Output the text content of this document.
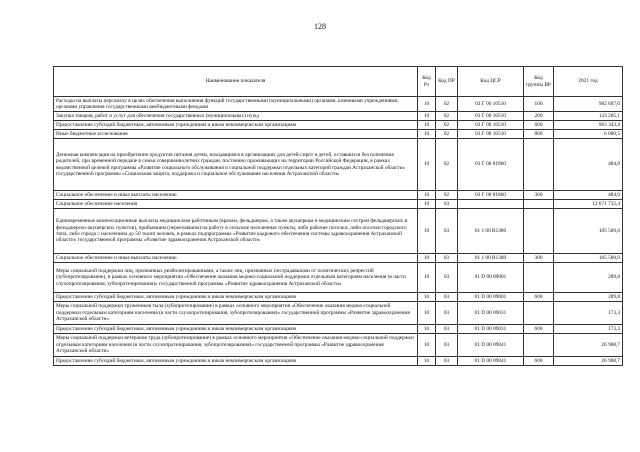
128
Наименование показателя	Код Рз	Код ПР	Код ЦСР	Код группы ВР	2021 год
Расходы на выплаты персоналу в целях обеспечения выполнения функций государственными (муниципальными) органами, казенными учреждениями, органами управления государственными внебюджетными фондами	10	02	03 Г 00 10510	100	982 607,0
Закупка товаров, работ и услуг для обеспечения государственных (муниципальных) нужд	10	02	03 Г 00 10510	200	133 205,1
Предоставление субсидий бюджетным, автономным учреждениям и иным некоммерческим организациям	10	02	03 Г 00 10510	600	963 343,4
Иные бюджетные ассигнования	10	02	03 Г 00 10510	800	6 000,5
Денежная компенсация на приобретение продуктов питания детям, находящимся в организациях для детей-сирот и детей, оставшихся без попечения родителей, при временной передаче в семьи совершеннолетних граждан, постоянно проживающих на территории Российской Федерации, в рамках ведомственной целевой программы «Развитие социального обслуживания и социальной поддержки отдельных категорий граждан Астраханской области» государственной программы «Социальная защита, поддержка и социальное обслуживание населения Астраханской области»	10	02	03 Г 00 81860		484,0
Социальное обеспечение и иные выплаты населению	10	02	03 Г 00 81860	300	484,0
Социальное обеспечение населения	10	03			12 671 732,4
Единовременные компенсационные выплаты медицинским работникам (врачам, фельдшерам, а также акушеркам и медицинским сестрам фельдшерских и фельдшерско-акушерских пунктов), прибывшим (переехавшим) на работу в сельские населенные пункты, либо рабочие поселки, либо поселки городского типа, либо города с населением до 50 тысяч человек, в рамках подпрограммы «Развитие кадрового обеспечения системы здравоохранения Астраханской области» государственной программы «Развитие здравоохранения Астраханской области»	10	03	01 1 00 R1380		105 500,0
Социальное обеспечение и иные выплаты населению	10	03	01 1 00 R1380	300	105 500,0
Меры социальной поддержки лиц, признанных реабилитированными, а также лиц, признанных пострадавшими от политических репрессий (зубопротезирование), в рамках основного мероприятия «Обеспечение оказания медико-социальной поддержки отдельным категориям населения (в части слухопротезирования, зубопротезирования)» государственной программы «Развитие здравоохранения Астраханской области»	10	03	01 D 00 89001		289,8
Предоставление субсидий бюджетным, автономным учреждениям и иным некоммерческим организациям	10	03	01 D 00 89001	600	289,8
Меры социальной поддержки тружеников тыла (зубопротезирование) в рамках основного мероприятия «Обеспечение оказания медико-социальной поддержки отдельным категориям населения (в части слухопротезирования, зубопротезирования)» государственной программы «Развитие здравоохранения Астраханской области»	10	03	01 D 00 89031		173,3
Предоставление субсидий бюджетным, автономным учреждениям и иным некоммерческим организациям	10	03	01 D 00 89031	600	173,3
Меры социальной поддержки ветеранов труда (зубопротезирование) в рамках основного мероприятия «Обеспечение оказания медико-социальной поддержки отдельным категориям населения (в части слухопротезирования, зубопротезирования)» государственной программы «Развитие здравоохранения Астраханской области»	10	03	01 D 00 89041		26 968,7
Предоставление субсидий бюджетным, автономным учреждениям и иным некоммерческим организациям	10	03	01 D 00 89041	600	26 968,7
